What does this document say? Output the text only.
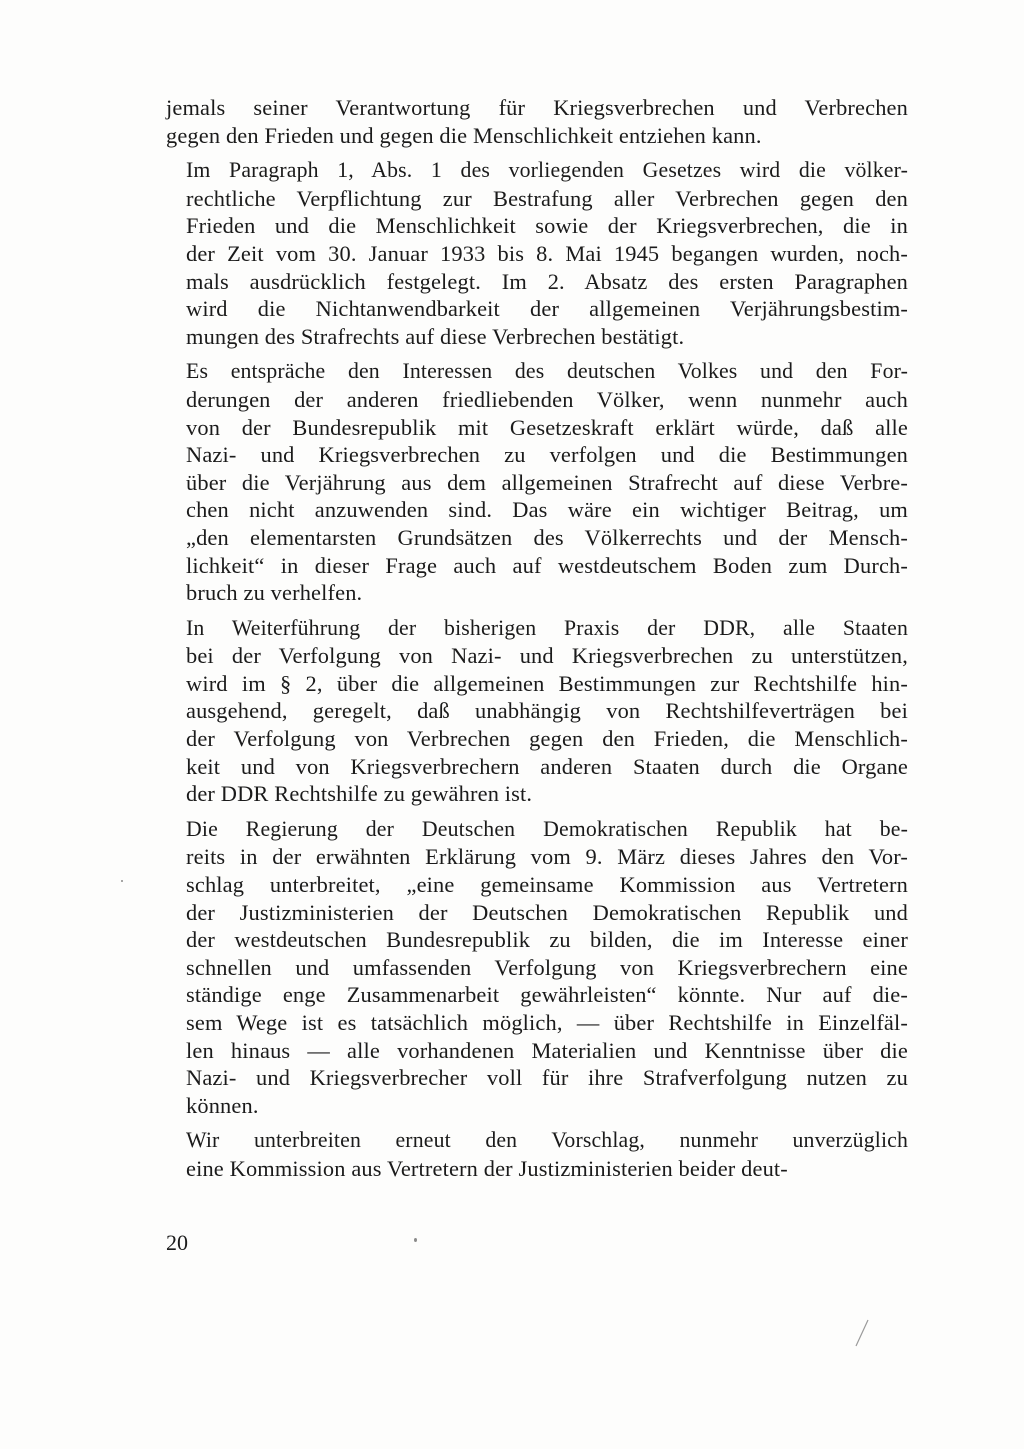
jemals seiner Verantwortung für Kriegsverbrechen und Verbrechen
gegen den Frieden und gegen die Menschlichkeit entziehen kann.
Im Paragraph 1, Abs. 1 des vorliegenden Gesetzes wird die völker-
rechtliche Verpflichtung zur Bestrafung aller Verbrechen gegen den
Frieden und die Menschlichkeit sowie der Kriegsverbrechen, die in
der Zeit vom 30. Januar 1933 bis 8. Mai 1945 begangen wurden, noch-
mals ausdrücklich festgelegt. Im 2. Absatz des ersten Paragraphen
wird die Nichtanwendbarkeit der allgemeinen Verjährungsbestim-
mungen des Strafrechts auf diese Verbrechen bestätigt.
Es entspräche den Interessen des deutschen Volkes und den For-
derungen der anderen friedliebenden Völker, wenn nunmehr auch
von der Bundesrepublik mit Gesetzeskraft erklärt würde, daß alle
Nazi- und Kriegsverbrechen zu verfolgen und die Bestimmungen
über die Verjährung aus dem allgemeinen Strafrecht auf diese Verbre-
chen nicht anzuwenden sind. Das wäre ein wichtiger Beitrag, um
„den elementarsten Grundsätzen des Völkerrechts und der Mensch-
lichkeit“ in dieser Frage auch auf westdeutschem Boden zum Durch-
bruch zu verhelfen.
In Weiterführung der bisherigen Praxis der DDR, alle Staaten
bei der Verfolgung von Nazi- und Kriegsverbrechen zu unterstützen,
wird im § 2, über die allgemeinen Bestimmungen zur Rechtshilfe hin-
ausgehend, geregelt, daß unabhängig von Rechtshilfeverträgen bei
der Verfolgung von Verbrechen gegen den Frieden, die Menschlich-
keit und von Kriegsverbrechern anderen Staaten durch die Organe
der DDR Rechtshilfe zu gewähren ist.
Die Regierung der Deutschen Demokratischen Republik hat be-
reits in der erwähnten Erklärung vom 9. März dieses Jahres den Vor-
schlag unterbreitet, „eine gemeinsame Kommission aus Vertretern
der Justizministerien der Deutschen Demokratischen Republik und
der westdeutschen Bundesrepublik zu bilden, die im Interesse einer
schnellen und umfassenden Verfolgung von Kriegsverbrechern eine
ständige enge Zusammenarbeit gewährleisten“ könnte. Nur auf die-
sem Wege ist es tatsächlich möglich, — über Rechtshilfe in Einzelfäl-
len hinaus — alle vorhandenen Materialien und Kenntnisse über die
Nazi- und Kriegsverbrecher voll für ihre Strafverfolgung nutzen zu
können.
Wir unterbreiten erneut den Vorschlag, nunmehr unverzüglich
eine Kommission aus Vertretern der Justizministerien beider deut-
20
